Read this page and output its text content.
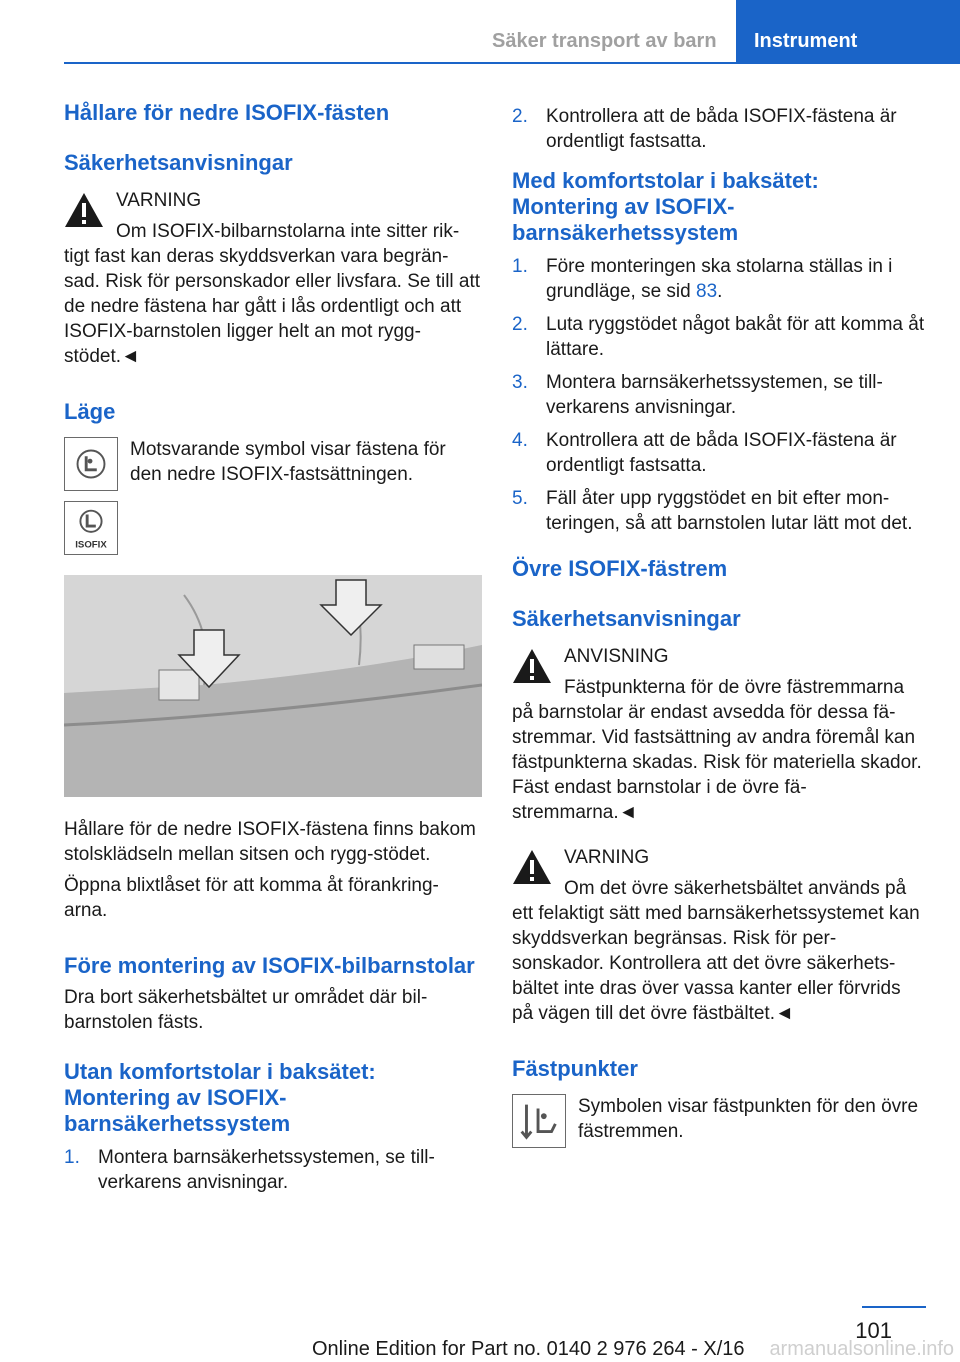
Säker transport av barn	Instrument
Hållare för nedre ISOFIX-fästen
Säkerhetsanvisningar
VARNING
Om ISOFIX-bilbarnstolarna inte sitter rik-
tigt fast kan deras skyddsverkan vara begrän-sad. Risk för personskador eller livsfara. Se till att de nedre fästena har gått i lås ordentligt och att ISOFIX-barnstolen ligger helt an mot rygg-stödet.◄
Läge
Motsvarande symbol visar fästena för den nedre ISOFIX-fastsättningen.
ISOFIX

Hållare för de nedre ISOFIX-fästena finns bakom stolsklädseln mellan sitsen och rygg-stödet.

Öppna blixtlåset för att komma åt förankring-arna.

Före montering av ISOFIX-bilbarnstolar

Dra bort säkerhetsbältet ur området där bil-barnstolen fästs.

Utan komfortstolar i baksätet: Montering av ISOFIX-barnsäkerhetssystem
1. Montera barnsäkerhetssystemen, se till-verkarens anvisningar.
2. Kontrollera att de båda ISOFIX-fästena är ordentligt fastsatta.
Med komfortstolar i baksätet: Montering av ISOFIX-barnsäkerhetssystem
1. Före monteringen ska stolarna ställas in i grundläge, se sid 83.
2. Luta ryggstödet något bakåt för att komma åt lättare.
3. Montera barnsäkerhetssystemen, se till-verkarens anvisningar.
4. Kontrollera att de båda ISOFIX-fästena är ordentligt fastsatta.
5. Fäll åter upp ryggstödet en bit efter mon-teringen, så att barnstolen lutar lätt mot det.
Övre ISOFIX-fästrem
Säkerhetsanvisningar
ANVISNING
Fästpunkterna för de övre fästremmarna
på barnstolar är endast avsedda för dessa fä-stremmar. Vid fastsättning av andra föremål kan fästpunkterna skadas. Risk för materiella skador. Fäst endast barnstolar i de övre fä-stremmarna.◄
VARNING
Om det övre säkerhetsbältet används på
ett felaktigt sätt med barnsäkerhetssystemet kan skyddsverkan begränsas. Risk för per-sonskador. Kontrollera att det övre säkerhets-bältet inte dras över vassa kanter eller förvrids på vägen till det övre fästbältet.◄
Fästpunkter
Symbolen visar fästpunkten för den övre fästremmen.
101
Online Edition for Part no. 0140 2 976 264 - X/16 armanualsonline.info
